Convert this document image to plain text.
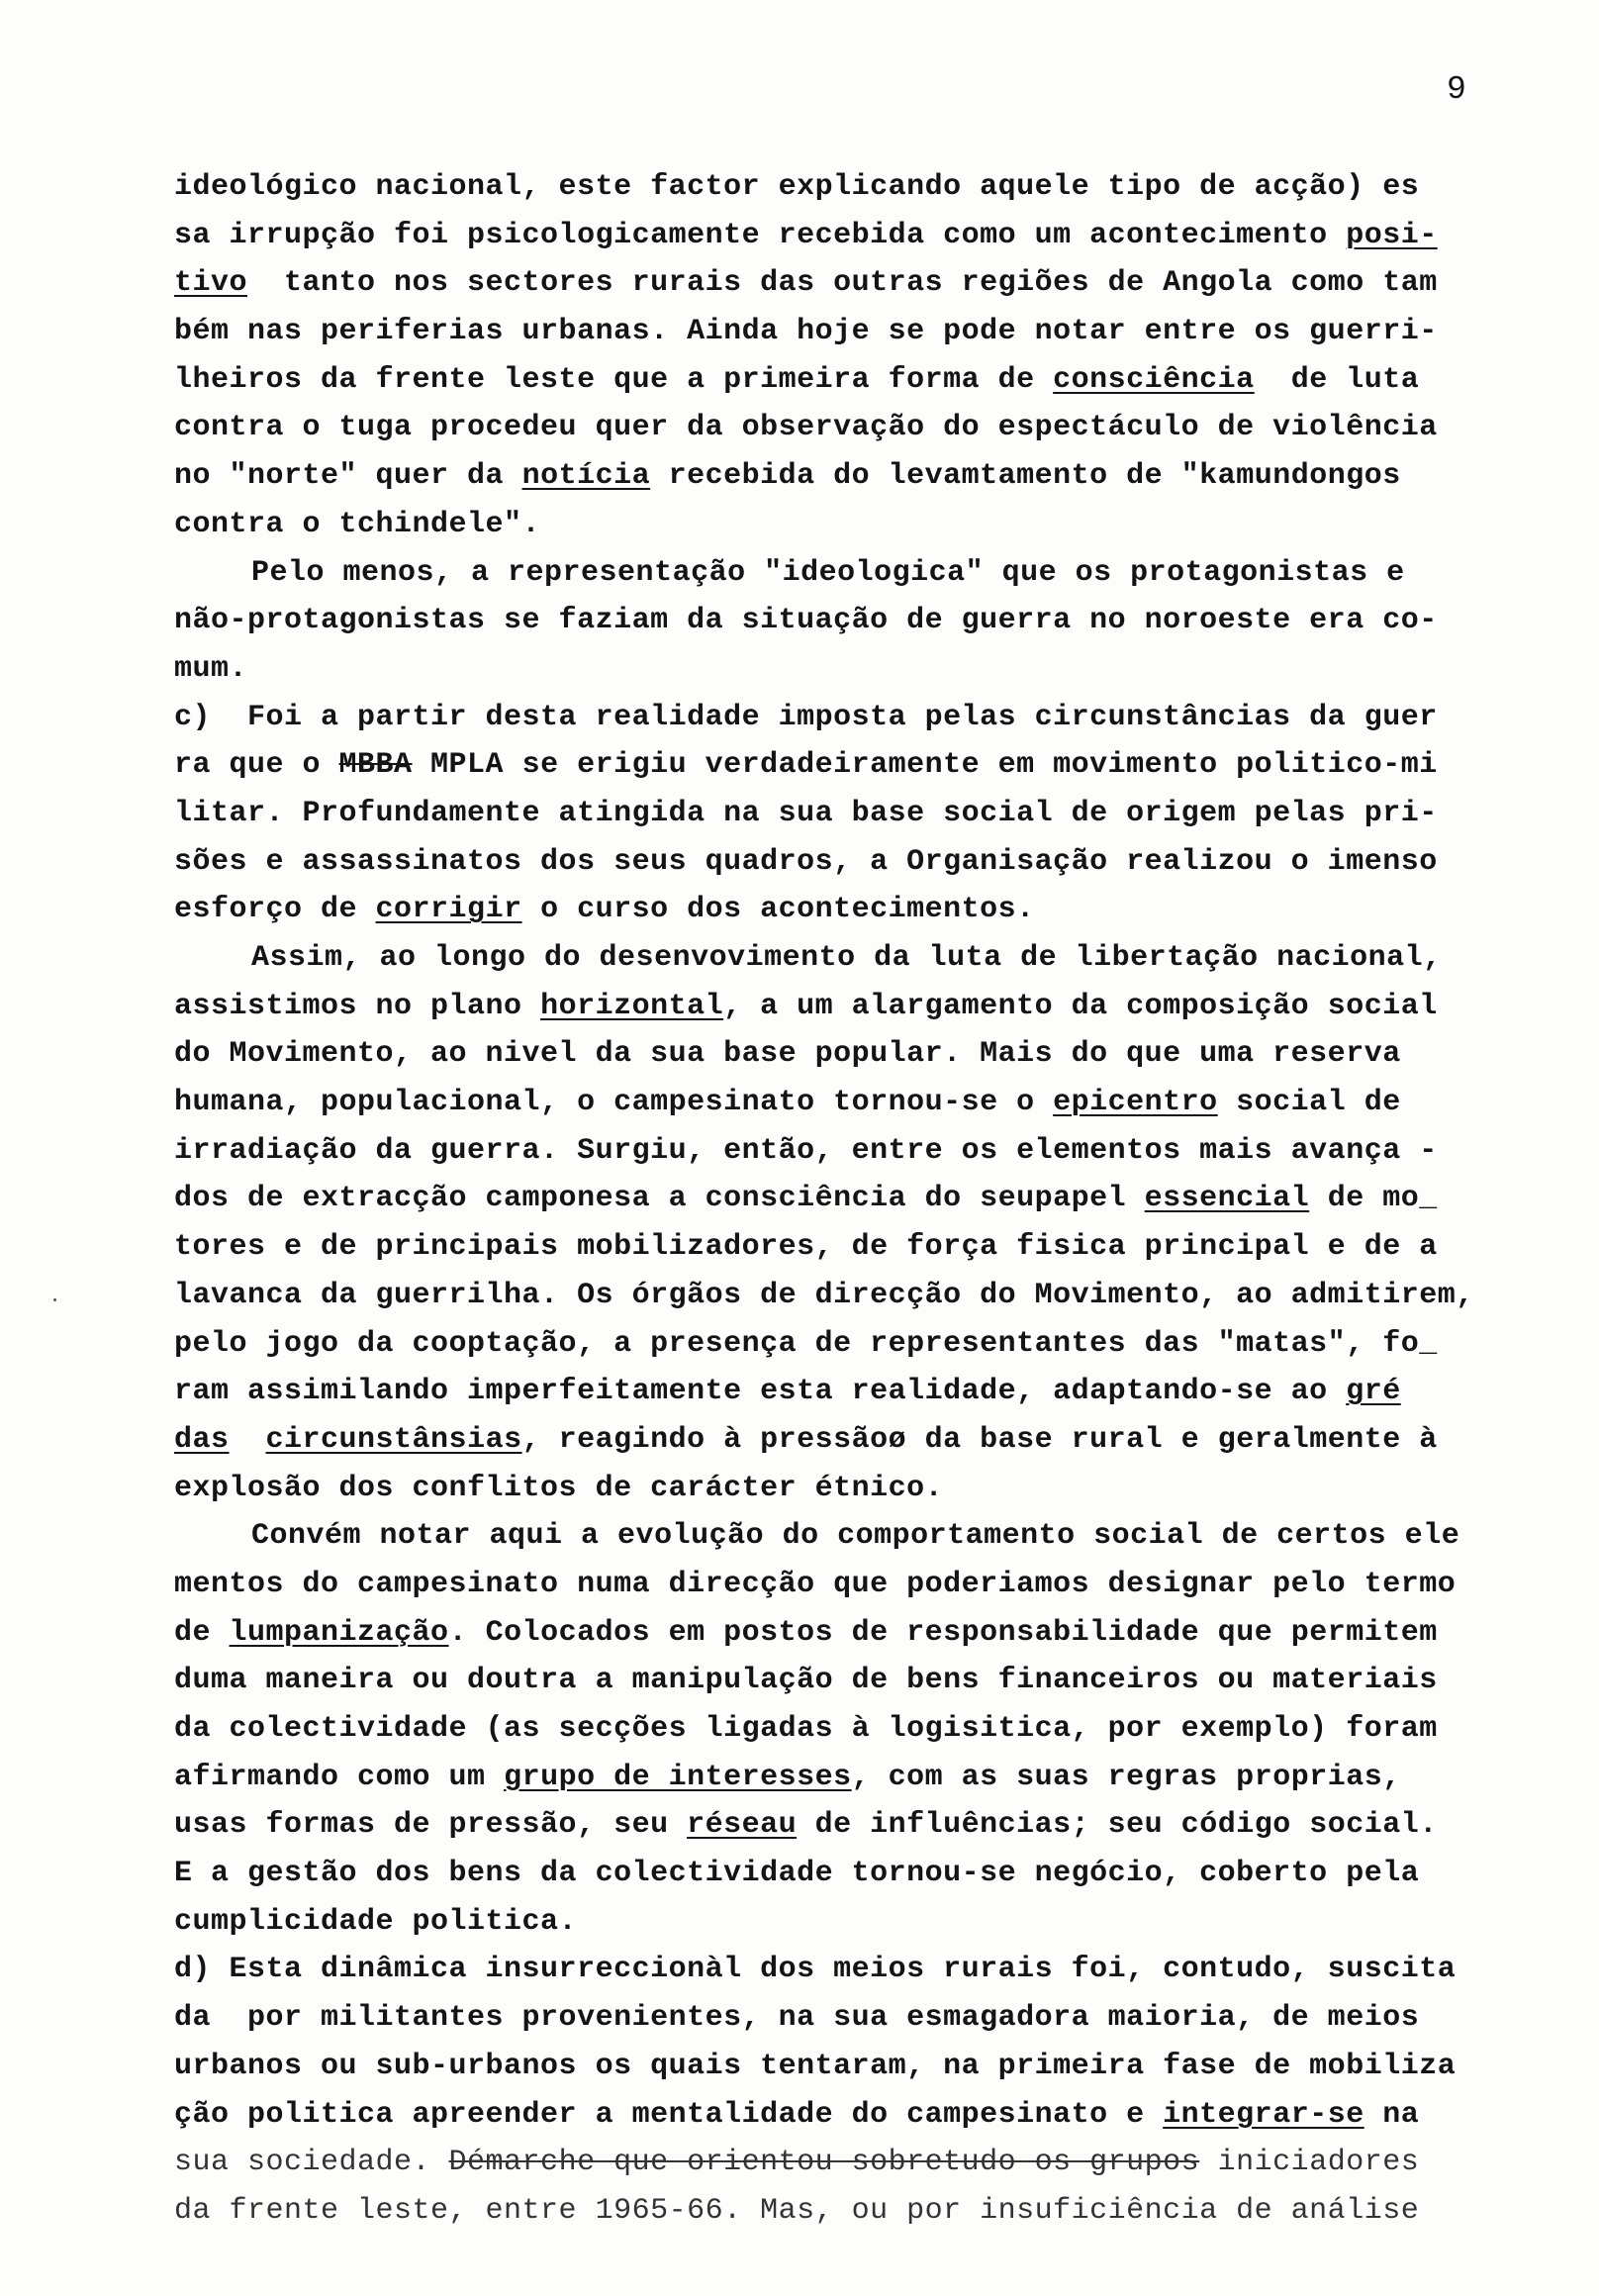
9
ideológico nacional, este factor explicando aquele tipo de acção) es
sa irrupção foi psicologicamente recebida como um acontecimento posi-
tivo  tanto nos sectores rurais das outras regiões de Angola como tam
bém nas periferias urbanas. Ainda hoje se pode notar entre os guerri-
lheiros da frente leste que a primeira forma de consciência  de luta
contra o tuga procedeu quer da observação do espectáculo de violência
no "norte" quer da notícia recebida do levamtamento de "kamundongos
contra o tchindele".
Pelo menos, a representação "ideologica" que os protagonistas e
não-protagonistas se faziam da situação de guerra no noroeste era co-
mum.
c)  Foi a partir desta realidade imposta pelas circunstâncias da guer
ra que o MBBA MPLA se erigiu verdadeiramente em movimento politico-mi
litar. Profundamente atingida na sua base social de origem pelas pri-
sões e assassinatos dos seus quadros, a Organisação realizou o imenso
esforço de corrigir o curso dos acontecimentos.
Assim, ao longo do desenvovimento da luta de libertação nacional,
assistimos no plano horizontal, a um alargamento da composição social
do Movimento, ao nivel da sua base popular. Mais do que uma reserva
humana, populacional, o campesinato tornou-se o epicentro social de
irradiação da guerra. Surgiu, então, entre os elementos mais avança -
dos de extracção camponesa a consciência do seupapel essencial de mo_
tores e de principais mobilizadores, de força fisica principal e de a
lavanca da guerrilha. Os órgãos de direcção do Movimento, ao admitirem,
pelo jogo da cooptação, a presença de representantes das "matas", fo_
ram assimilando imperfeitamente esta realidade, adaptando-se ao gré
das circunstânsias, reagindo à pressãoø da base rural e geralmente à
explosão dos conflitos de carácter étnico.
Convém notar aqui a evolução do comportamento social de certos ele
mentos do campesinato numa direcção que poderiamos designar pelo termo
de lumpanização. Colocados em postos de responsabilidade que permitem
duma maneira ou doutra a manipulação de bens financeiros ou materiais
da colectividade (as secções ligadas à logisitica, por exemplo) foram
afirmando como um grupo de interesses, com as suas regras proprias,
usas formas de pressão, seu réseau de influências; seu código social.
E a gestão dos bens da colectividade tornou-se negócio, coberto pela
cumplicidade politica.
d) Esta dinâmica insurreccionàl dos meios rurais foi, contudo, suscita
da  por militantes provenientes, na sua esmagadora maioria, de meios
urbanos ou sub-urbanos os quais tentaram, na primeira fase de mobiliza
ção politica apreender a mentalidade do campesinato e integrar-se na
sua sociedade. Démarche que orientou sobretudo os grupos iniciadores
da frente leste, entre 1965-66. Mas, ou por insuficiência de análise
